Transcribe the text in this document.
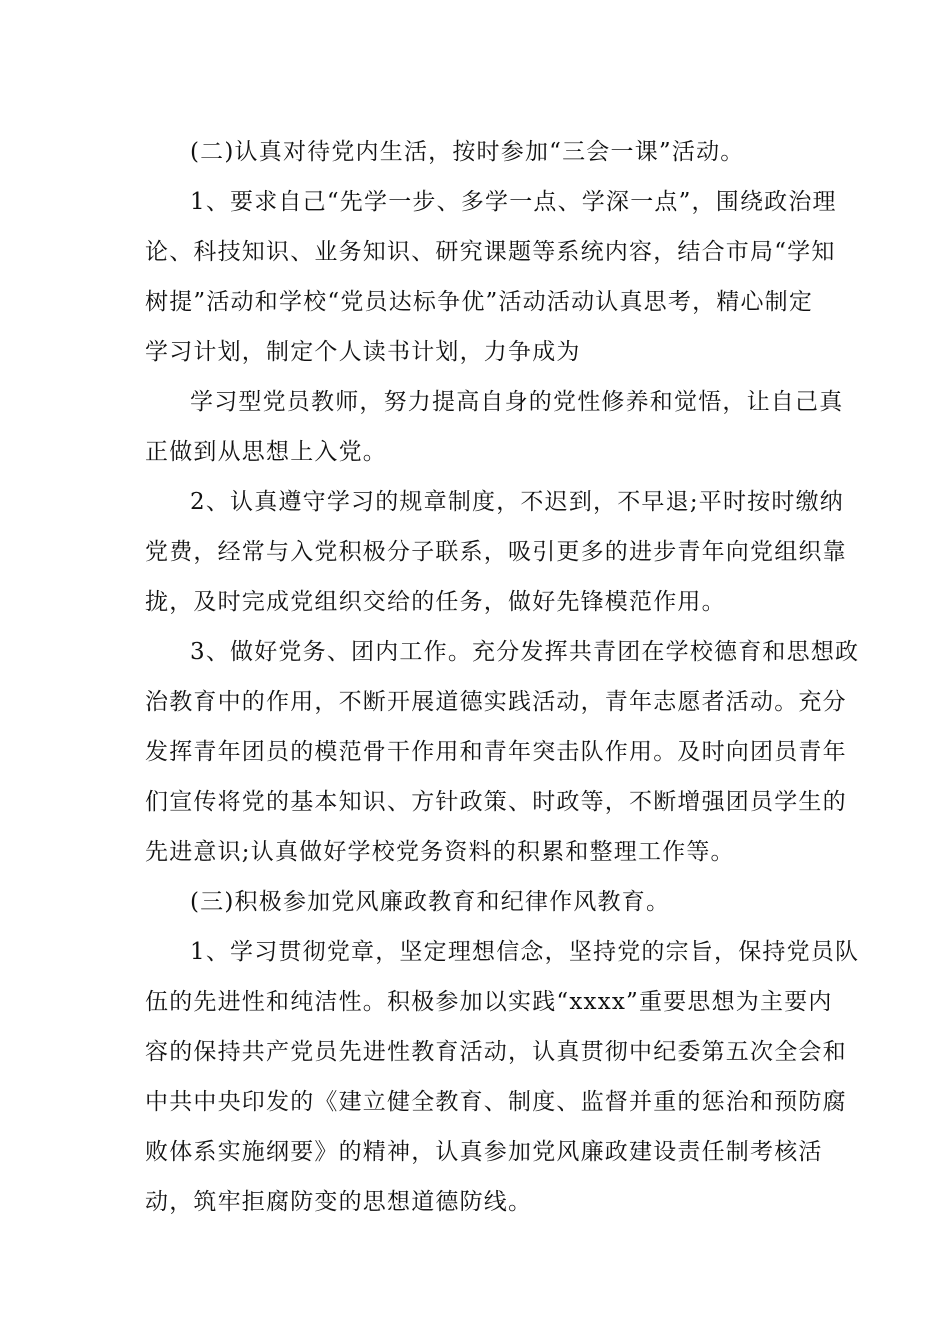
(二)认真对待党内生活，按时参加“三会一课”活动。
1、要求自己“先学一步、多学一点、学深一点”，围绕政治理
论、科技知识、业务知识、研究课题等系统内容，结合市局“学知
树提”活动和学校“党员达标争优”活动活动认真思考，精心制定
学习计划，制定个人读书计划，力争成为
学习型党员教师，努力提高自身的党性修养和觉悟，让自己真
正做到从思想上入党。
2、认真遵守学习的规章制度，不迟到，不早退;平时按时缴纳
党费，经常与入党积极分子联系，吸引更多的进步青年向党组织靠
拢，及时完成党组织交给的任务，做好先锋模范作用。
3、做好党务、团内工作。充分发挥共青团在学校德育和思想政
治教育中的作用，不断开展道德实践活动，青年志愿者活动。充分
发挥青年团员的模范骨干作用和青年突击队作用。及时向团员青年
们宣传将党的基本知识、方针政策、时政等，不断增强团员学生的
先进意识;认真做好学校党务资料的积累和整理工作等。
(三)积极参加党风廉政教育和纪律作风教育。
1、学习贯彻党章，坚定理想信念，坚持党的宗旨，保持党员队
伍的先进性和纯洁性。积极参加以实践“xxxx”重要思想为主要内
容的保持共产党员先进性教育活动，认真贯彻中纪委第五次全会和
中共中央印发的《建立健全教育、制度、监督并重的惩治和预防腐
败体系实施纲要》的精神，认真参加党风廉政建设责任制考核活
动，筑牢拒腐防变的思想道德防线。
